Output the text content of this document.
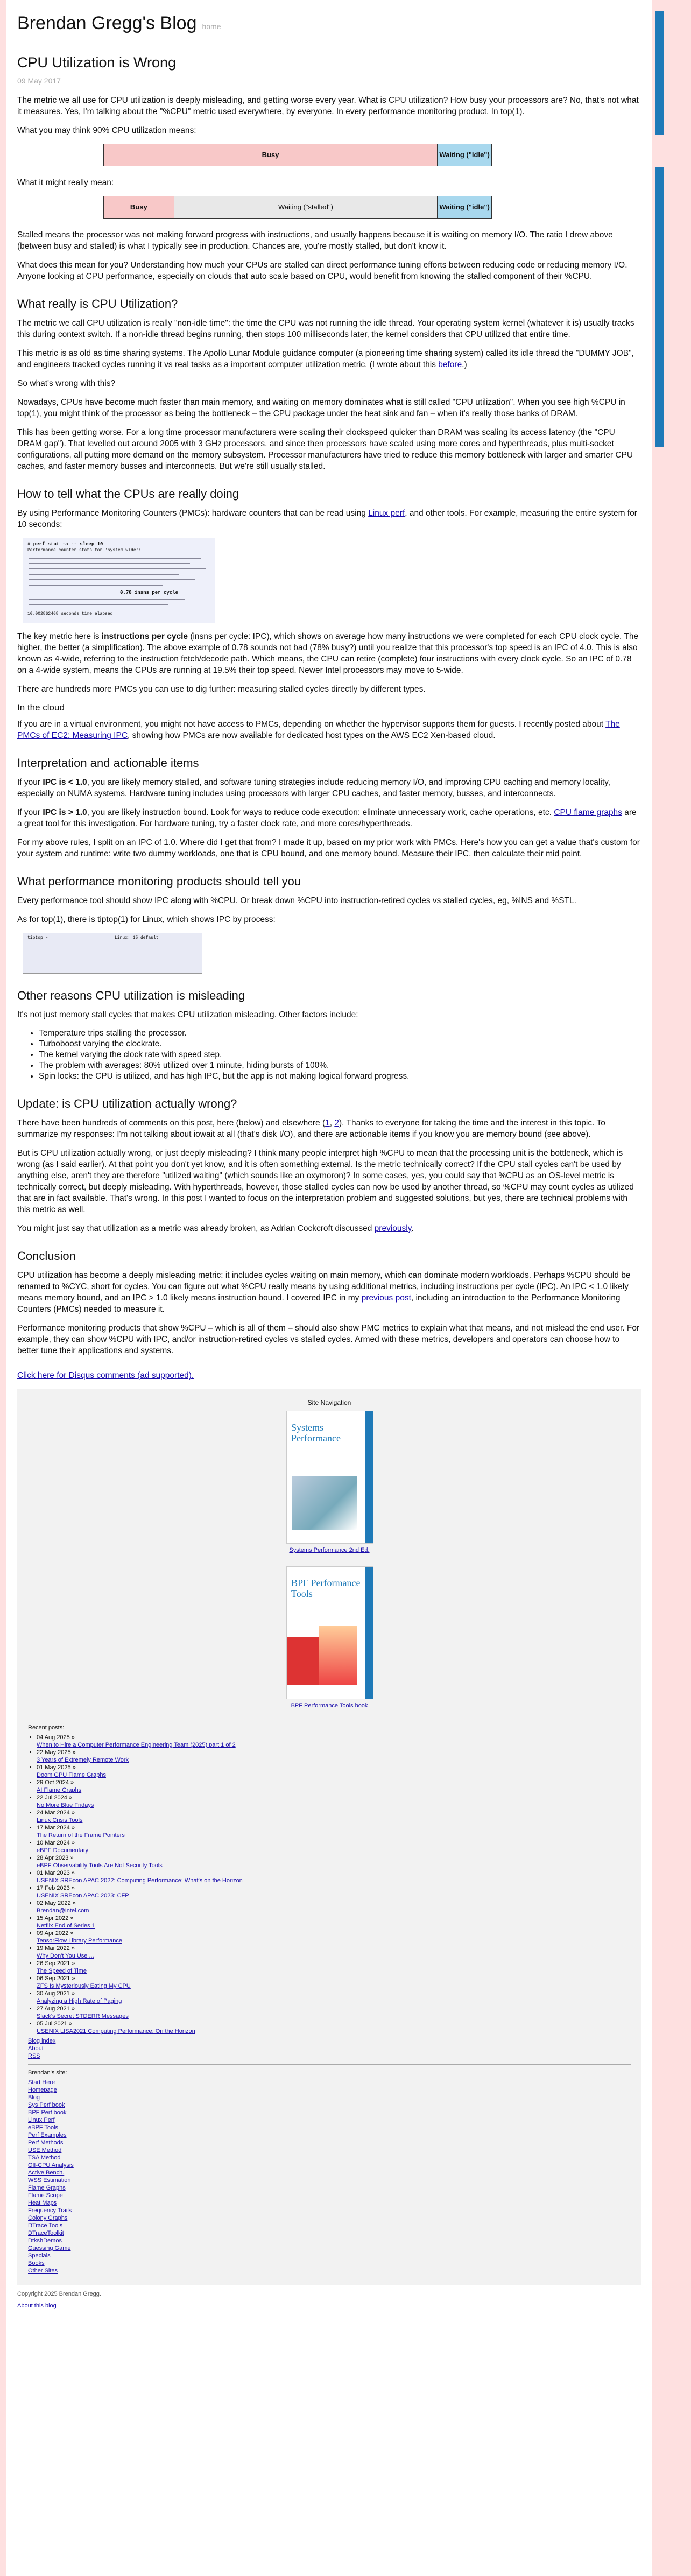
Brendan Gregg's Blog home
CPU Utilization is Wrong
09 May 2017

The metric we all use for CPU utilization is deeply misleading, and getting worse every year. What is CPU utilization? How busy your processors are? No, that's not what it measures. Yes, I'm talking about the "%CPU" metric used everywhere, by everyone. In every performance monitoring product. In top(1).

What you may think 90% CPU utilization means:

Busy	Waiting ("idle")

What it might really mean:

Busy	Waiting ("stalled")	Waiting ("idle")

Stalled means the processor was not making forward progress with instructions, and usually happens because it is waiting on memory I/O. The ratio I drew above (between busy and stalled) is what I typically see in production. Chances are, you're mostly stalled, but don't know it.

What does this mean for you? Understanding how much your CPUs are stalled can direct performance tuning efforts between reducing code or reducing memory I/O. Anyone looking at CPU performance, especially on clouds that auto scale based on CPU, would benefit from knowing the stalled component of their %CPU.

What really is CPU Utilization?

The metric we call CPU utilization is really "non-idle time": the time the CPU was not running the idle thread. Your operating system kernel (whatever it is) usually tracks this during context switch. If a non-idle thread begins running, then stops 100 milliseconds later, the kernel considers that CPU utilized that entire time.

This metric is as old as time sharing systems. The Apollo Lunar Module guidance computer (a pioneering time sharing system) called its idle thread the "DUMMY JOB", and engineers tracked cycles running it vs real tasks as a important computer utilization metric. (I wrote about this before.)

So what's wrong with this?

Nowadays, CPUs have become much faster than main memory, and waiting on memory dominates what is still called "CPU utilization". When you see high %CPU in top(1), you might think of the processor as being the bottleneck – the CPU package under the heat sink and fan – when it's really those banks of DRAM.

This has been getting worse. For a long time processor manufacturers were scaling their clockspeed quicker than DRAM was scaling its access latency (the "CPU DRAM gap"). That levelled out around 2005 with 3 GHz processors, and since then processors have scaled using more cores and hyperthreads, plus multi-socket configurations, all putting more demand on the memory subsystem. Processor manufacturers have tried to reduce this memory bottleneck with larger and smarter CPU caches, and faster memory busses and interconnects. But we're still usually stalled.

How to tell what the CPUs are really doing

By using Performance Monitoring Counters (PMCs): hardware counters that can be read using Linux perf, and other tools. For example, measuring the entire system for 10 seconds:

# perf stat -a -- sleep 10
Performance counter stats for 'system wide':
0.78 insns per cycle
10.002862468 seconds time elapsed

The key metric here is instructions per cycle (insns per cycle: IPC), which shows on average how many instructions we were completed for each CPU clock cycle. The higher, the better (a simplification). The above example of 0.78 sounds not bad (78% busy?) until you realize that this processor's top speed is an IPC of 4.0. This is also known as 4-wide, referring to the instruction fetch/decode path. Which means, the CPU can retire (complete) four instructions with every clock cycle. So an IPC of 0.78 on a 4-wide system, means the CPUs are running at 19.5% their top speed. Newer Intel processors may move to 5-wide.

There are hundreds more PMCs you can use to dig further: measuring stalled cycles directly by different types.

In the cloud

If you are in a virtual environment, you might not have access to PMCs, depending on whether the hypervisor supports them for guests. I recently posted about The PMCs of EC2: Measuring IPC, showing how PMCs are now available for dedicated host types on the AWS EC2 Xen-based cloud.

Interpretation and actionable items

If your IPC is < 1.0, you are likely memory stalled, and software tuning strategies include reducing memory I/O, and improving CPU caching and memory locality, especially on NUMA systems. Hardware tuning includes using processors with larger CPU caches, and faster memory, busses, and interconnects.

If your IPC is > 1.0, you are likely instruction bound. Look for ways to reduce code execution: eliminate unnecessary work, cache operations, etc. CPU flame graphs are a great tool for this investigation. For hardware tuning, try a faster clock rate, and more cores/hyperthreads.

For my above rules, I split on an IPC of 1.0. Where did I get that from? I made it up, based on my prior work with PMCs. Here's how you can get a value that's custom for your system and runtime: write two dummy workloads, one that is CPU bound, and one memory bound. Measure their IPC, then calculate their mid point.

What performance monitoring products should tell you

Every performance tool should show IPC along with %CPU. Or break down %CPU into instruction-retired cycles vs stalled cycles, eg, %INS and %STL.

As for top(1), there is tiptop(1) for Linux, which shows IPC by process:

tiptop -	Linux: 15 default
Other reasons CPU utilization is misleading

It's not just memory stall cycles that makes CPU utilization misleading. Other factors include:

• Temperature trips stalling the processor.
• Turboboost varying the clockrate.
• The kernel varying the clock rate with speed step.
• The problem with averages: 80% utilized over 1 minute, hiding bursts of 100%.
• Spin locks: the CPU is utilized, and has high IPC, but the app is not making logical forward progress.
Update: is CPU utilization actually wrong?

There have been hundreds of comments on this post, here (below) and elsewhere (1, 2). Thanks to everyone for taking the time and the interest in this topic. To summarize my responses: I'm not talking about iowait at all (that's disk I/O), and there are actionable items if you know you are memory bound (see above).

But is CPU utilization actually wrong, or just deeply misleading? I think many people interpret high %CPU to mean that the processing unit is the bottleneck, which is wrong (as I said earlier). At that point you don't yet know, and it is often something external. Is the metric technically correct? If the CPU stall cycles can't be used by anything else, aren't they are therefore "utilized waiting" (which sounds like an oxymoron)? In some cases, yes, you could say that %CPU as an OS-level metric is technically correct, but deeply misleading. With hyperthreads, however, those stalled cycles can now be used by another thread, so %CPU may count cycles as utilized that are in fact available. That's wrong. In this post I wanted to focus on the interpretation problem and suggested solutions, but yes, there are technical problems with this metric as well.

You might just say that utilization as a metric was already broken, as Adrian Cockcroft discussed previously.

Conclusion

CPU utilization has become a deeply misleading metric: it includes cycles waiting on main memory, which can dominate modern workloads. Perhaps %CPU should be renamed to %CYC, short for cycles. You can figure out what %CPU really means by using additional metrics, including instructions per cycle (IPC). An IPC < 1.0 likely means memory bound, and an IPC > 1.0 likely means instruction bound. I covered IPC in my previous post, including an introduction to the Performance Monitoring Counters (PMCs) needed to measure it.

Performance monitoring products that show %CPU – which is all of them – should also show PMC metrics to explain what that means, and not mislead the end user. For example, they can show %CPU with IPC, and/or instruction-retired cycles vs stalled cycles. Armed with these metrics, developers and operators can choose how to better tune their applications and systems.

Click here for Disqus comments (ad supported).

Site Navigation
Systems Performance
Systems Performance 2nd Ed.
BPF Performance Tools
BPF Performance Tools book
Recent posts:
• 04 Aug 2025 »
When to Hire a Computer Performance Engineering Team (2025) part 1 of 2
• 22 May 2025 »
3 Years of Extremely Remote Work
• 01 May 2025 »
Doom GPU Flame Graphs
• 29 Oct 2024 »
AI Flame Graphs
• 22 Jul 2024 »
No More Blue Fridays
• 24 Mar 2024 »
Linux Crisis Tools
• 17 Mar 2024 »
The Return of the Frame Pointers
• 10 Mar 2024 »
eBPF Documentary
• 28 Apr 2023 »
eBPF Observability Tools Are Not Security Tools
• 01 Mar 2023 »
USENIX SREcon APAC 2022: Computing Performance: What's on the Horizon
• 17 Feb 2023 »
USENIX SREcon APAC 2023: CFP
• 02 May 2022 »
Brendan@Intel.com
• 15 Apr 2022 »
Netflix End of Series 1
• 09 Apr 2022 »
TensorFlow Library Performance
• 19 Mar 2022 »
Why Don't You Use ...
• 26 Sep 2021 »
The Speed of Time
• 06 Sep 2021 »
ZFS Is Mysteriously Eating My CPU
• 30 Aug 2021 »
Analyzing a High Rate of Paging
• 27 Aug 2021 »
Slack's Secret STDERR Messages
• 05 Jul 2021 »
USENIX LISA2021 Computing Performance: On the Horizon
Blog index
About
RSS
Brendan's site:
Start Here
Homepage
Blog
Sys Perf book
BPF Perf book
Linux Perf
eBPF Tools
Perf Examples
Perf Methods
USE Method
TSA Method
Off-CPU Analysis
Active Bench.
WSS Estimation
Flame Graphs
Flame Scope
Heat Maps
Frequency Trails
Colony Graphs
DTrace Tools
DTraceToolkit
DtkshDemos
Guessing Game
Specials
Books
Other Sites
Copyright 2025 Brendan Gregg.
About this blog
